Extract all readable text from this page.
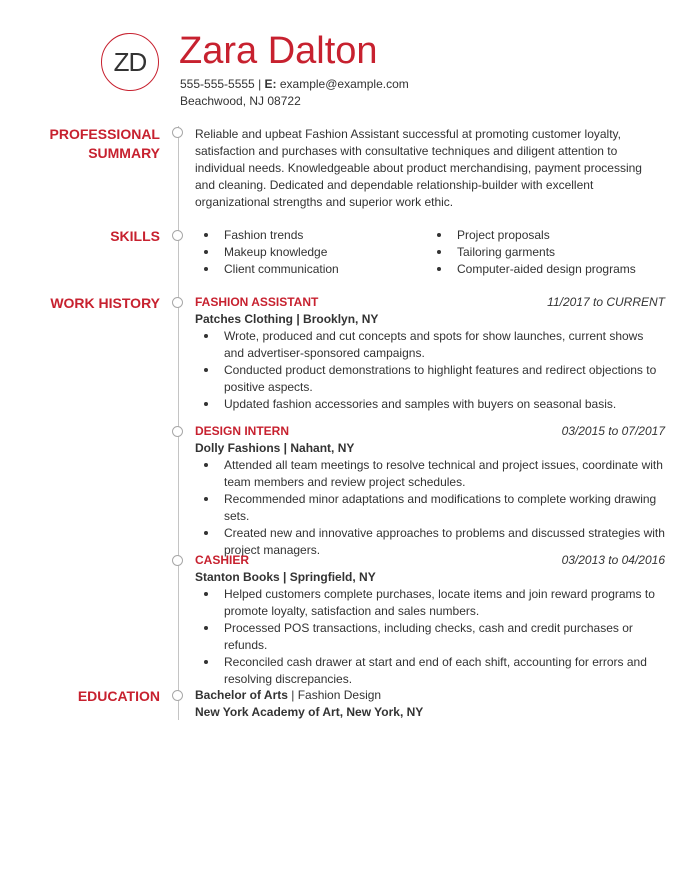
ZD Zara Dalton
555-555-5555 | E: example@example.com
Beachwood, NJ 08722
PROFESSIONAL
SUMMARY
SKILLS
WORK HISTORY
EDUCATION

Reliable and upbeat Fashion Assistant successful at promoting customer loyalty, satisfaction and purchases with consultative techniques and diligent attention to individual needs. Knowledgeable about product merchandising, payment processing and cleaning. Dedicated and dependable relationship-builder with excellent organizational strengths and superior work ethic.

Fashion trends
Makeup knowledge
Client communication
Project proposals
Tailoring garments
Computer-aided design programs
FASHION ASSISTANT	11/2017 to CURRENT
Patches Clothing | Brooklyn, NY
Wrote, produced and cut concepts and spots for show launches, current shows and advertiser-sponsored campaigns.
Conducted product demonstrations to highlight features and redirect objections to positive aspects.
Updated fashion accessories and samples with buyers on seasonal basis.
DESIGN INTERN	03/2015 to 07/2017
Dolly Fashions | Nahant, NY
Attended all team meetings to resolve technical and project issues, coordinate with team members and review project schedules.
Recommended minor adaptations and modifications to complete working drawing sets.
Created new and innovative approaches to problems and discussed strategies with project managers.
CASHIER	03/2013 to 04/2016
Stanton Books | Springfield, NY
Helped customers complete purchases, locate items and join reward programs to promote loyalty, satisfaction and sales numbers.
Processed POS transactions, including checks, cash and credit purchases or refunds.
Reconciled cash drawer at start and end of each shift, accounting for errors and resolving discrepancies.
Bachelor of Arts | Fashion Design
New York Academy of Art, New York, NY
